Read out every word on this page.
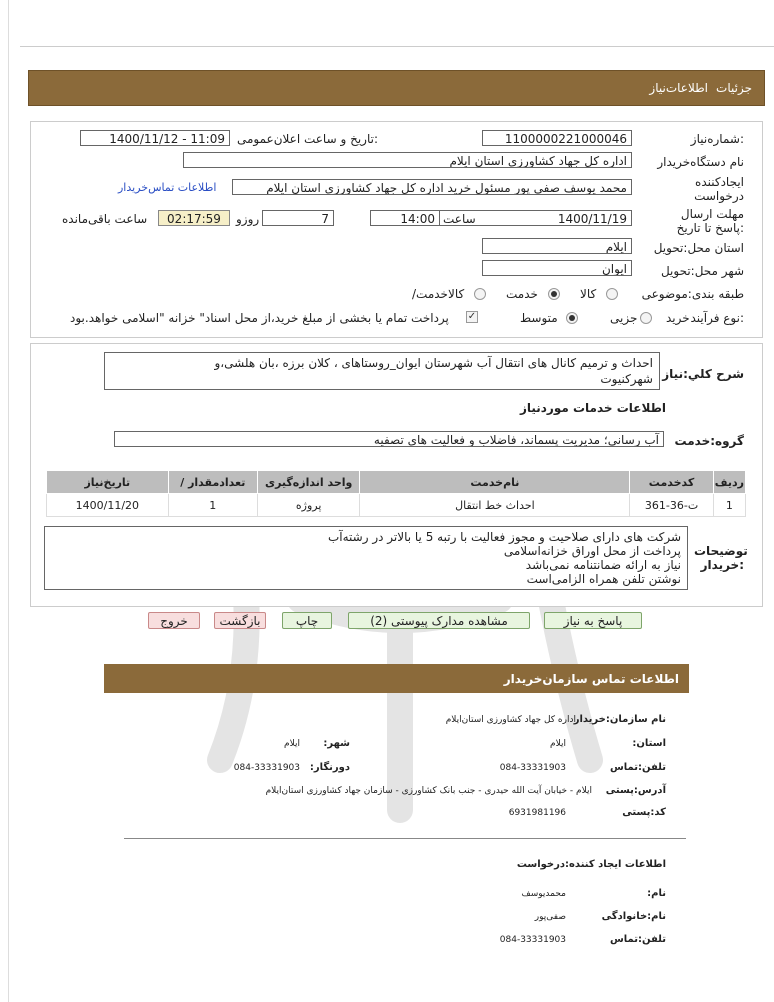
جزئیات
اطلاعات‌نیاز
شماره‌نیاز:
1100000221000046
تاریخ و ساعت اعلان‌عمومی:
1400/11/12 - 11:09
نام دستگاه‌خریدار
اداره کل جهاد کشاورزی استان ایلام
ایجادکننده درخواست
محمد یوسف صفی پور مسئول خرید اداره کل جهاد کشاورزی استان ایلام
اطلاعات تماس‌خریدار
مهلت ارسال :پاسخ تا تاریخ
1400/11/19
ساعت
14:00
7
روزو
02:17:59
ساعت باقی‌مانده
استان محل:تحویل
ایلام
شهر محل:تحویل
ایوان
طبقه بندی:موضوعی
کالا
خدمت
/کالاخدمت
نوع فرآیند:
خرید
جزیی
متوسط
✓
پرداخت تمام یا بخشی از مبلغ خرید،از محل اسناد" خزانه "اسلامی خواهد.بود
شرح کلي:نیاز
احداث و ترمیم کانال های انتقال آب شهرستان ایوان_روستاهای ، کلان برزه ،بان هلشی،و
شهرکنیوت
اطلاعات خدمات موردنیاز
گروه:خدمت
آب رسانی؛ مدیریت پسماند، فاضلاب و فعالیت های تصفیه
تاریخ‌نیاز	/ تعدادمقدار	واحد اندازه‌گیری	نام‌خدمت	کدخدمت	ردیف
1400/11/20	1	پروژه	احداث خط انتقال	ت-36-361	1
توضیحات :خریدار
شرکت های دارای صلاحیت و مجوز فعالیت با رتبه 5 یا بالاتر در رشته‌آب
پرداخت از محل اوراق خزانه‌اسلامی
نیاز به ارائه ضمانتنامه نمی‌باشد
نوشتن تلفن همراه الزامی‌است
پاسخ به نیاز
مشاهده مدارک پیوستی (2)
چاپ
بازگشت
خروج
اطلاعات تماس سازمان‌خریدار
نام سازمان:خریدار
اداره کل جهاد کشاورزی استان‌ایلام
:استان
ایلام
:شهر
ایلام
تلفن:تماس
084-33331903
:دورنگار
084-33331903
آدرس:پستی
ایلام - خیابان آیت الله حیدری - جنب بانک کشاورزی - سازمان جهاد کشاورزی استان‌ایلام
کد:پستی
6931981196
اطلاعات ایجاد کننده:درخواست
:نام
محمدیوسف
نام:خانوادگی
صفی‌پور
تلفن:تماس
084-33331903
